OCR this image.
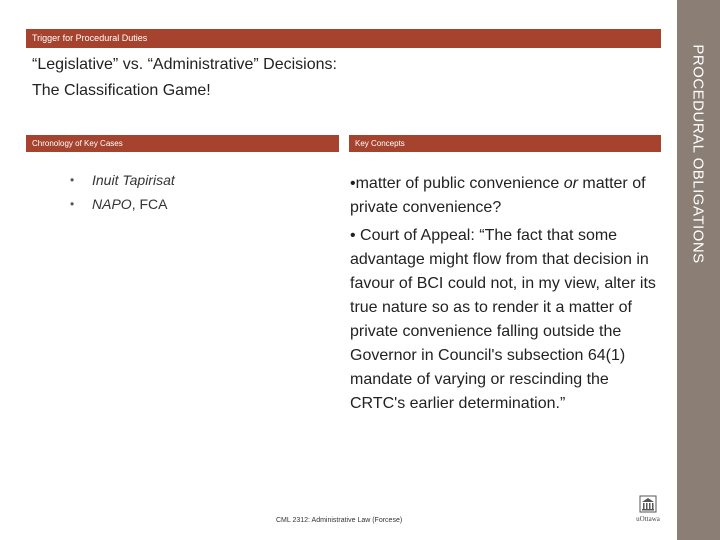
Trigger for Procedural Duties
“Legislative” vs. “Administrative” Decisions:
The Classification Game!
Chronology of Key Cases	Key Concepts
• Inuit Tapirisat
• NAPO, FCA

•matter of public convenience or matter of private convenience?

• Court of Appeal: “The fact that some advantage might flow from that decision in favour of BCI could not, in my view, alter its true nature so as to render it a matter of private convenience falling outside the Governor in Council's subsection 64(1) mandate of varying or rescinding the CRTC's earlier determination.”

CML 2312: Administrative Law (Forcese)	uOttawa
PROCEDURAL OBLIGATIONS
